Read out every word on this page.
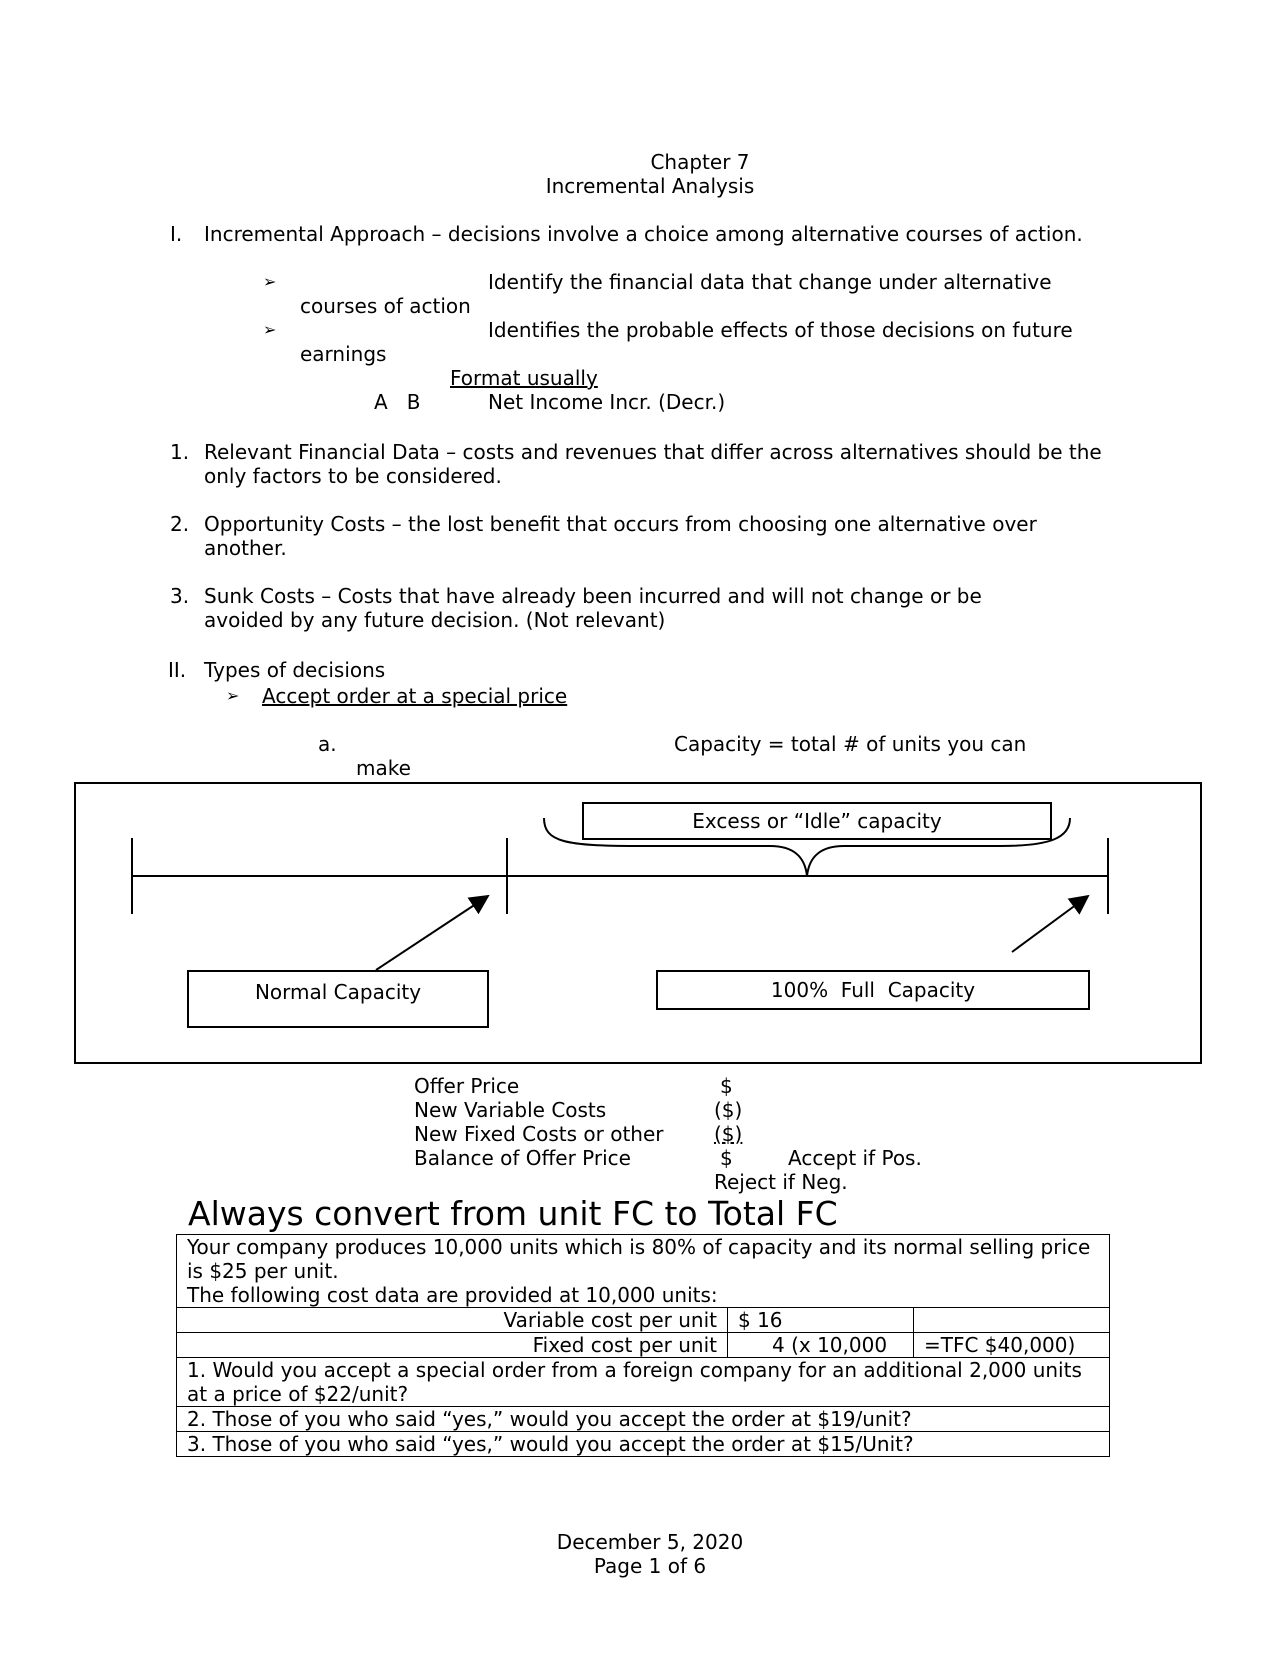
Chapter 7
Incremental Analysis
I. Incremental Approach – decisions involve a choice among alternative courses of action.
➢	Identify the financial data that change under alternative courses of action
➢	Identifies the probable effects of those decisions on future earnings
Format usually
A   B	Net Income Incr. (Decr.)
1. Relevant Financial Data – costs and revenues that differ across alternatives should be the only factors to be considered.
2. Opportunity Costs – the lost benefit that occurs from choosing one alternative over another.
3. Sunk Costs – Costs that have already been incurred and will not change or be avoided by any future decision. (Not relevant)
II. Types of decisions
➢ Accept order at a special price
a.	Capacity = total # of units you can make
Excess or “Idle” capacity
Normal Capacity	100%  Full  Capacity
Offer Price	$
New Variable Costs	($)
New Fixed Costs or other	($)
Balance of Offer Price	$	Accept if Pos.
Reject if Neg.
Always convert from unit FC to Total FC
Your company produces 10,000 units which is 80% of capacity and its normal selling price is $25 per unit.
The following cost data are provided at 10,000 units:		

Variable cost per unit	$ 16	
Fixed cost per unit	4 (x 10,000	=TFC $40,000)
1. Would you accept a special order from a foreign company for an additional 2,000 units at a price of $22/unit?		
2. Those of you who said “yes,” would you accept the order at $19/unit?		
3. Those of you who said “yes,” would you accept the order at $15/Unit?		
December 5, 2020
Page 1 of 6
